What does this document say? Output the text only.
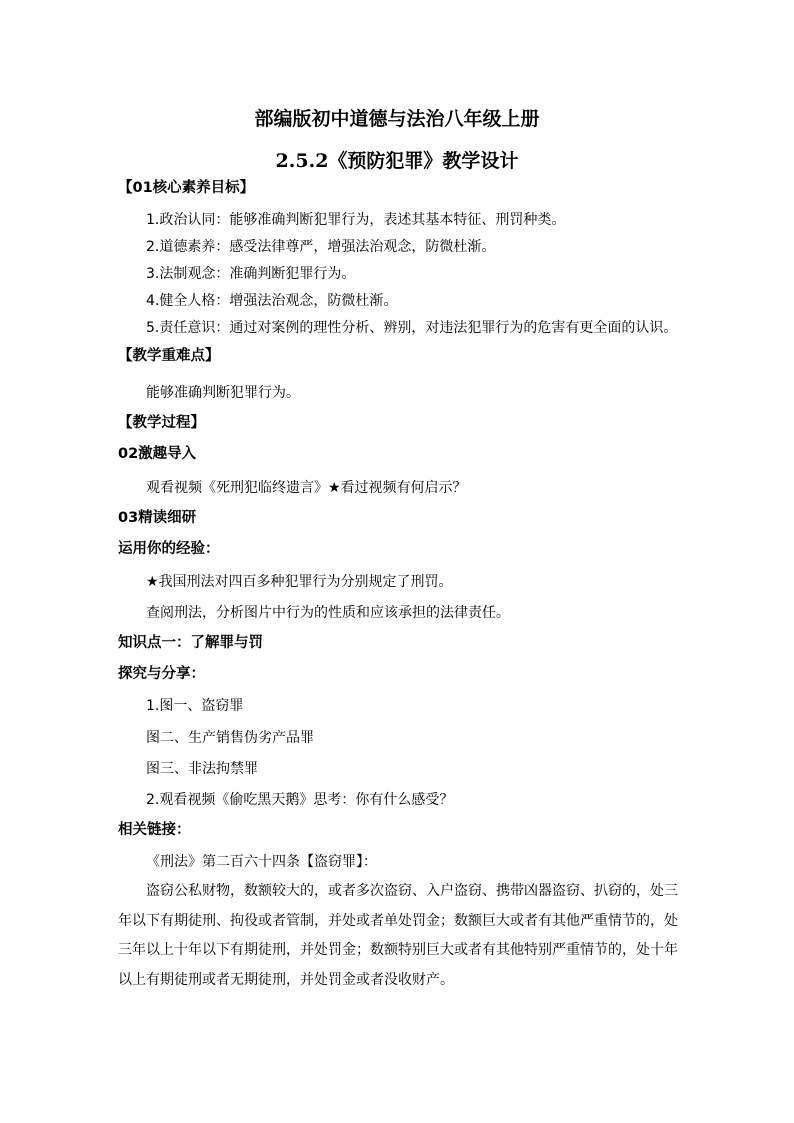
部编版初中道德与法治八年级上册
2.5.2《预防犯罪》教学设计
【01核心素养目标】
1.政治认同：能够准确判断犯罪行为，表述其基本特征、刑罚种类。
2.道德素养：感受法律尊严，增强法治观念，防微杜渐。
3.法制观念：准确判断犯罪行为。
4.健全人格：增强法治观念，防微杜渐。
5.责任意识：通过对案例的理性分析、辨别，对违法犯罪行为的危害有更全面的认识。
【教学重难点】
能够准确判断犯罪行为。
【教学过程】
02激趣导入
观看视频《死刑犯临终遗言》★看过视频有何启示？
03精读细研
运用你的经验：
★我国刑法对四百多种犯罪行为分别规定了刑罚。
查阅刑法，分析图片中行为的性质和应该承担的法律责任。
知识点一：了解罪与罚
探究与分享：
1.图一、盗窃罪
图二、生产销售伪劣产品罪
图三、非法拘禁罪
2.观看视频《偷吃黑天鹅》思考：你有什么感受？
相关链接：
《刑法》第二百六十四条【盗窃罪】：
盗窃公私财物，数额较大的，或者多次盗窃、入户盗窃、携带凶器盗窃、扒窃的，处三年以下有期徒刑、拘役或者管制，并处或者单处罚金；数额巨大或者有其他严重情节的，处三年以上十年以下有期徒刑，并处罚金；数额特别巨大或者有其他特别严重情节的，处十年以上有期徒刑或者无期徒刑，并处罚金或者没收财产。
